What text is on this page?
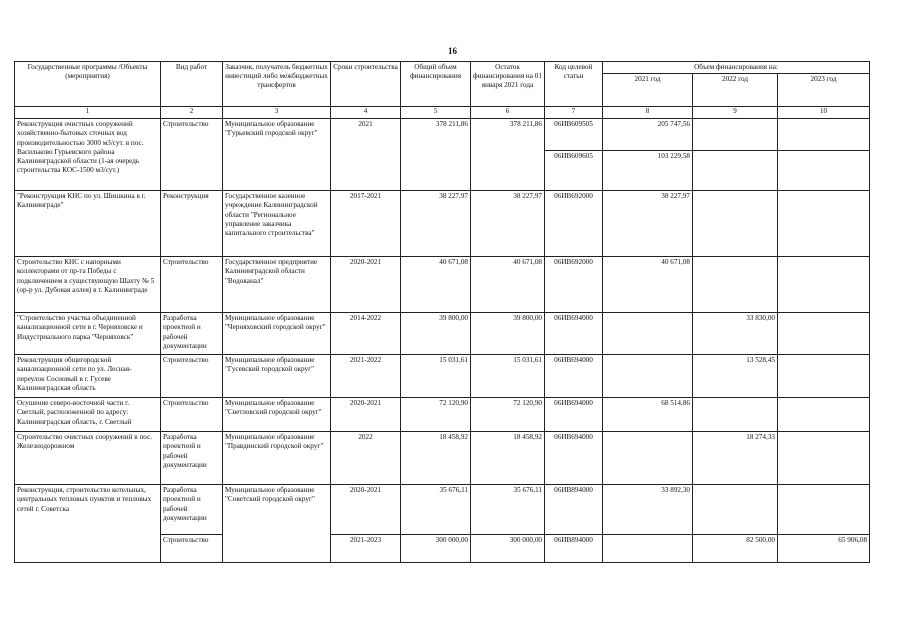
16
Государственные программы /Объекты (мероприятия)	Вид работ	Заказчик, получатель бюджетных инвестиций либо межбюджетных трансфертов	Сроки строительства	Общий объем финансирования	Остаток финансирования на 01 января 2021 года	Код целевой статьи	Объем финансирования на:		
							2021 год	2022 год	2023 год
1	2	3	4	5	6	7	8	9	10
Реконструкция очистных сооружений хозяйственно-бытовых сточных вод производительностью 3000 м3/сут. в пос. Васильково Гурьевского района Калининградской области (1-ая очередь строительства КОС-1500 м3/сут.)	Строительство	Муниципальное образование "Гурьевский городской округ"	2021	378 211,86	378 211,86	06ИВ609505	205 747,56		
						06ИВ609605	103 229,58		
"Реконструкция КНС по ул. Шишкина в г. Калининграде"	Реконструкция	Государственное казенное учреждение Калининградской области "Региональное управление заказчика капитального строительства"	2017-2021	38 227,97	38 227,97	06ИВ692000	38 227,97		
Строительство КНС с напорными коллекторами от пр-та Победы с подключением в существующую Шахту № 5 (ор-р ул. Дубовая аллея) в г. Калининграде	Строительство	Государственное предприятие Калининградской области "Водоканал"	2020-2021	40 671,08	40 671,08	06ИВ692000	40 671,08		
"Строительство участка объединенной канализационной сети в г. Черняховске и Индустриального парка "Черняховск"	Разработка проектной и рабочей документации	Муниципальное образование "Черняховский городской округ"	2014-2022	39 800,00	39 800,00	06ИВ694000		33 830,00	
Реконструкция общегородской канализационной сети по ул. Лесная-переулок Сосновый в г. Гусеве Калининградская область	Строительство	Муниципальное образование "Гусевский городской округ"	2021-2022	15 031,61	15 031,61	06ИВ694000		13 528,45	
Осушение северо-восточной части г. Светлый, расположенной по адресу: Калининградская область, г. Светлый	Строительство	Муниципальное образование "Светловский городской округ"	2020-2021	72 120,90	72 120,90	06ИВ694000	68 514,86		
Строительство очистных сооружений в пос. Железнодорожном	Разработка проектной и рабочей документации	Муниципальное образование "Правдинский городской округ"	2022	18 458,92	18 458,92	06ИВ694000		18 274,33	
Реконструкция, строительство котельных, центральных тепловых пунктов и тепловых сетей г. Советска	Разработка проектной и рабочей документации	Муниципальное образование "Советский городской округ"	2020-2021	35 676,11	35 676,11	06ИВ894000	33 892,30		
	Строительство		2021-2023	300 000,00	300 000,00	06ИВ894000		82 500,00	65 906,08
